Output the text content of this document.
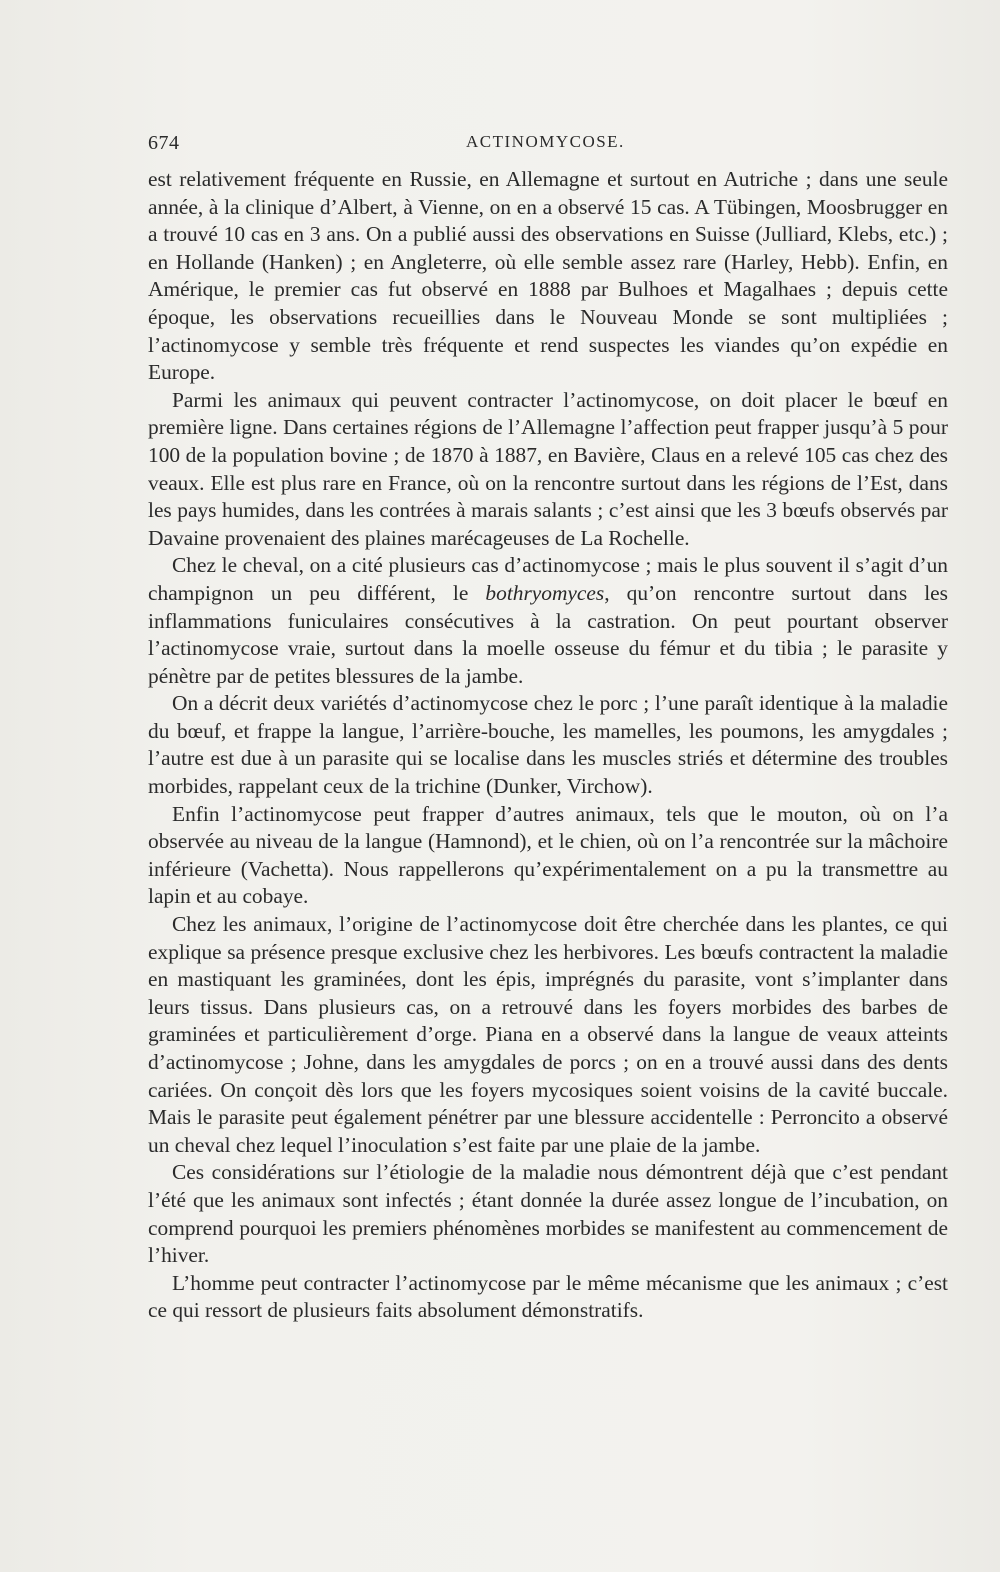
674	ACTINOMYCOSE.

est relativement fréquente en Russie, en Allemagne et surtout en Autriche ; dans une seule année, à la clinique d’Albert, à Vienne, on en a observé 15 cas. A Tübingen, Moosbrugger en a trouvé 10 cas en 3 ans. On a publié aussi des observations en Suisse (Julliard, Klebs, etc.) ; en Hollande (Hanken) ; en Angleterre, où elle semble assez rare (Harley, Hebb). Enfin, en Amérique, le premier cas fut observé en 1888 par Bulhoes et Magalhaes ; depuis cette époque, les observations recueillies dans le Nouveau Monde se sont multipliées ; l’actinomycose y semble très fréquente et rend suspectes les viandes qu’on expédie en Europe.

Parmi les animaux qui peuvent contracter l’actinomycose, on doit placer le bœuf en première ligne. Dans certaines régions de l’Allemagne l’affection peut frapper jusqu’à 5 pour 100 de la population bovine ; de 1870 à 1887, en Bavière, Claus en a relevé 105 cas chez des veaux. Elle est plus rare en France, où on la rencontre surtout dans les régions de l’Est, dans les pays humides, dans les contrées à marais salants ; c’est ainsi que les 3 bœufs observés par Davaine provenaient des plaines marécageuses de La Rochelle.

Chez le cheval, on a cité plusieurs cas d’actinomycose ; mais le plus souvent il s’agit d’un champignon un peu différent, le bothryomyces, qu’on rencontre surtout dans les inflammations funiculaires consécutives à la castration. On peut pourtant observer l’actinomycose vraie, surtout dans la moelle osseuse du fémur et du tibia ; le parasite y pénètre par de petites blessures de la jambe.

On a décrit deux variétés d’actinomycose chez le porc ; l’une paraît identique à la maladie du bœuf, et frappe la langue, l’arrière-bouche, les mamelles, les poumons, les amygdales ; l’autre est due à un parasite qui se localise dans les muscles striés et détermine des troubles morbides, rappelant ceux de la trichine (Dunker, Virchow).

Enfin l’actinomycose peut frapper d’autres animaux, tels que le mouton, où on l’a observée au niveau de la langue (Hamnond), et le chien, où on l’a rencontrée sur la mâchoire inférieure (Vachetta). Nous rappellerons qu’expérimentalement on a pu la transmettre au lapin et au cobaye.

Chez les animaux, l’origine de l’actinomycose doit être cherchée dans les plantes, ce qui explique sa présence presque exclusive chez les herbivores. Les bœufs contractent la maladie en mastiquant les graminées, dont les épis, imprégnés du parasite, vont s’implanter dans leurs tissus. Dans plusieurs cas, on a retrouvé dans les foyers morbides des barbes de graminées et particulièrement d’orge. Piana en a observé dans la langue de veaux atteints d’actinomycose ; Johne, dans les amygdales de porcs ; on en a trouvé aussi dans des dents cariées. On conçoit dès lors que les foyers mycosiques soient voisins de la cavité buccale. Mais le parasite peut également pénétrer par une blessure accidentelle : Perroncito a observé un cheval chez lequel l’inoculation s’est faite par une plaie de la jambe.

Ces considérations sur l’étiologie de la maladie nous démontrent déjà que c’est pendant l’été que les animaux sont infectés ; étant donnée la durée assez longue de l’incubation, on comprend pourquoi les premiers phénomènes morbides se manifestent au commencement de l’hiver.

L’homme peut contracter l’actinomycose par le même mécanisme que les animaux ; c’est ce qui ressort de plusieurs faits absolument démonstratifs.
